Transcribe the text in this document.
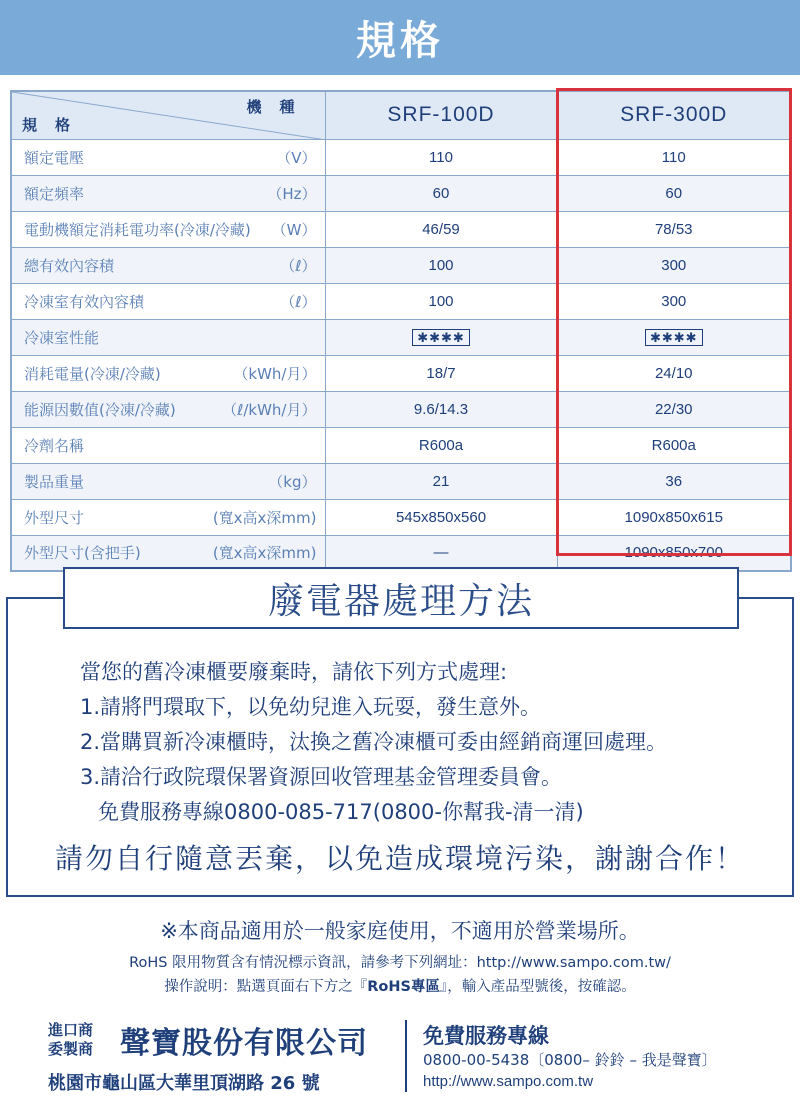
規格
機種
規格	SRF-100D	SRF-300D

額定電壓 （V）	110	110

額定頻率 （Hz）	60	60

電動機額定消耗電功率(冷凍/冷藏) （W）	46/59	78/53

總有效內容積 （ℓ）	100	300

冷凍室有效內容積 （ℓ）	100	300

冷凍室性能	✱✱✱✱	✱✱✱✱

消耗電量(冷凍/冷藏) （kWh/月）	18/7	24/10

能源因數值(冷凍/冷藏) （ℓ/kWh/月）	9.6/14.3	22/30

冷劑名稱	R600a	R600a

製品重量 （kg）	21	36

外型尺寸 (寬x高x深mm)	545x850x560	1090x850x615

外型尺寸(含把手) (寬x高x深mm)	—	1090x850x700
廢電器處理方法
當您的舊冷凍櫃要廢棄時，請依下列方式處理:
1.請將門環取下，以免幼兒進入玩耍，發生意外。
2.當購買新冷凍櫃時，汰換之舊冷凍櫃可委由經銷商運回處理。
3.請洽行政院環保署資源回收管理基金管理委員會。
免費服務專線0800-085-717(0800-你幫我-清一清)
請勿自行隨意丟棄，以免造成環境污染，謝謝合作！
※本商品適用於一般家庭使用，不適用於營業場所。
RoHS 限用物質含有情況標示資訊，請參考下列網址：http://www.sampo.com.tw/
操作說明：點選頁面右下方之『RoHS專區』，輸入產品型號後，按確認。
進口商
委製商 聲寶股份有限公司
桃園市龜山區大華里頂湖路 26 號
免費服務專線
0800-00-5438〔0800– 鈴鈴 – 我是聲寶〕
http://www.sampo.com.tw
